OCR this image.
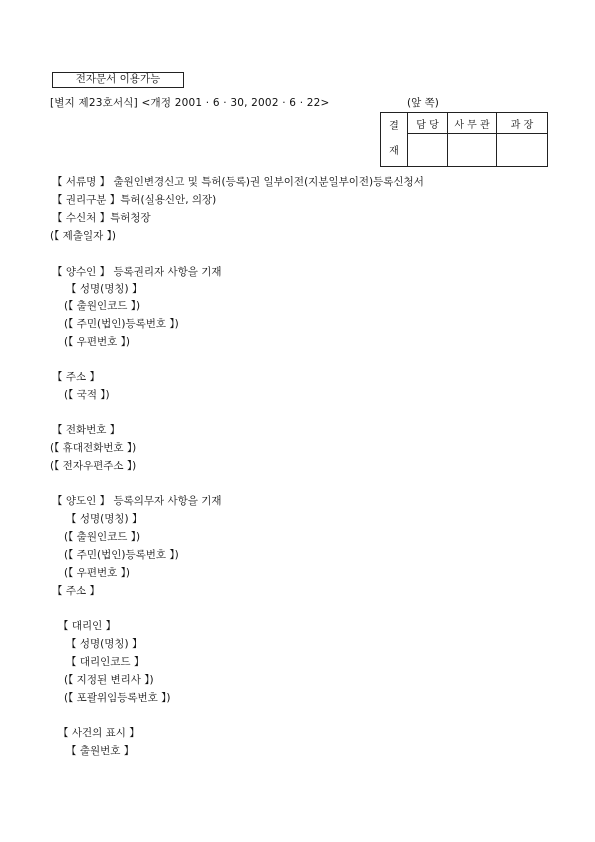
전자문서 이용가능
[별지 제23호서식] <개정 2001 · 6 · 30, 2002 · 6 · 22>	(앞 쪽)
결

재	담 당	사 무 관	과 장

【 서류명 】 출원인변경신고 및 특허(등록)권 일부이전(지분일부이전)등록신청서
【 권리구분 】특허(실용신안, 의장)
【 수신처 】특허청장
(【 제출일자 】)
【 양수인 】 등록권리자 사항을 기재
【 성명(명칭) 】
(【 출원인코드 】)
(【 주민(법인)등록번호 】)
(【 우편번호 】)
【 주소 】
(【 국적 】)
【 전화번호 】
(【 휴대전화번호 】)
(【 전자우편주소 】)
【 양도인 】 등록의무자 사항을 기재
【 성명(명칭) 】
(【 출원인코드 】)
(【 주민(법인)등록번호 】)
(【 우편번호 】)
【 주소 】
【 대리인 】
【 성명(명칭) 】
【 대리인코드 】
(【 지정된 변리사 】)
(【 포괄위임등록번호 】)
【 사건의 표시 】
【 출원번호 】
